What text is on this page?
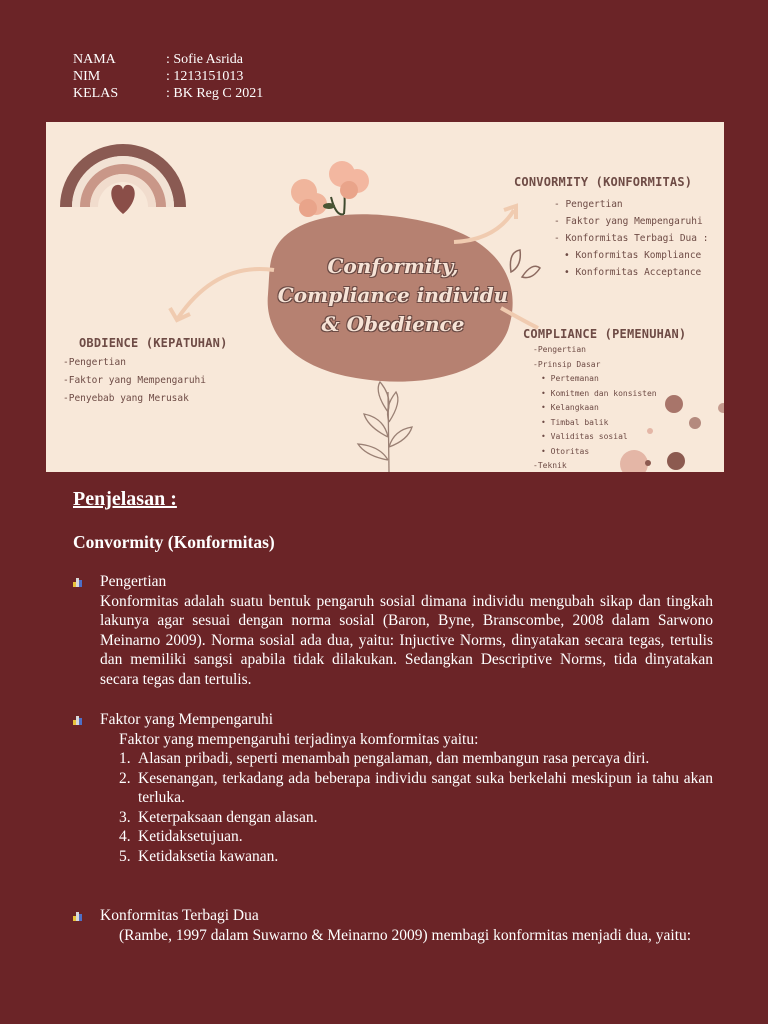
NAMA	: Sofie Asrida
NIM	: 1213151013
KELAS	: BK Reg C 2021
Conformity,
Compliance individu
& Obedience
CONVORMITY (KONFORMITAS)
- Pengertian
- Faktor yang Mempengaruhi
- Konformitas Terbagi Dua :
• Konformitas Kompliance
• Konformitas Acceptance
OBDIENCE (KEPATUHAN)
-Pengertian
-Faktor yang Mempengaruhi
-Penyebab yang Merusak
COMPLIANCE (PEMENUHAN)
-Pengertian
-Prinsip Dasar
• Pertemanan
• Komitmen dan konsisten
• Kelangkaan
• Timbal balik
• Validitas sosial
• Otoritas
-Teknik
Penjelasan :
Convormity (Konformitas)
Pengertian
Konformitas adalah suatu bentuk pengaruh sosial dimana individu mengubah sikap dan tingkah lakunya agar sesuai dengan norma sosial (Baron, Byne, Branscombe, 2008 dalam Sarwono Meinarno 2009). Norma sosial ada dua, yaitu: Injuctive Norms, dinyatakan secara tegas, tertulis dan memiliki sangsi apabila tidak dilakukan. Sedangkan Descriptive Norms, tida dinyatakan secara tegas dan tertulis.
Faktor yang Mempengaruhi
Faktor yang mempengaruhi terjadinya komformitas yaitu:
1. Alasan pribadi, seperti menambah pengalaman, dan membangun rasa percaya diri.
2. Kesenangan, terkadang ada beberapa individu sangat suka berkelahi meskipun ia tahu akan terluka.
3. Keterpaksaan dengan alasan.
4. Ketidaksetujuan.
5. Ketidaksetia kawanan.
Konformitas Terbagi Dua
(Rambe, 1997 dalam Suwarno & Meinarno 2009) membagi konformitas menjadi dua, yaitu:
